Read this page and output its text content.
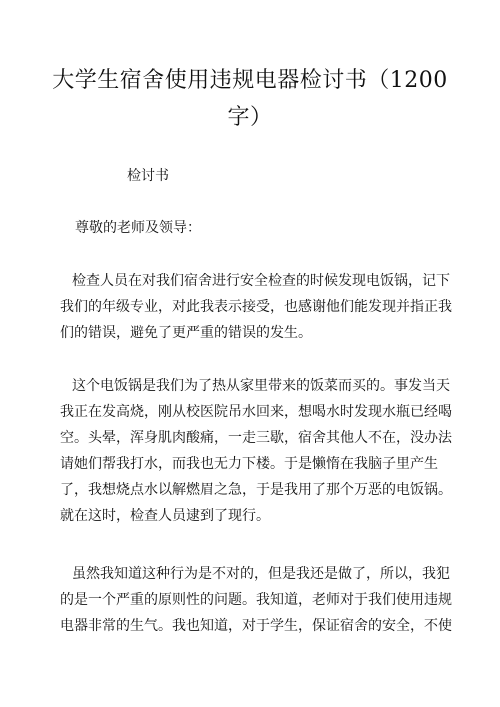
大学生宿舍使用违规电器检讨书（1200
字）
检讨书
尊敬的老师及领导：
检查人员在对我们宿舍进行安全检查的时候发现电饭锅，记下
我们的年级专业，对此我表示接受，也感谢他们能发现并指正我
们的错误，避免了更严重的错误的发生。
这个电饭锅是我们为了热从家里带来的饭菜而买的。事发当天
我正在发高烧，刚从校医院吊水回来，想喝水时发现水瓶已经喝
空。头晕，浑身肌肉酸痛，一走三歇，宿舍其他人不在，没办法
请她们帮我打水，而我也无力下楼。于是懒惰在我脑子里产生
了，我想烧点水以解燃眉之急，于是我用了那个万恶的电饭锅。
就在这时，检查人员逮到了现行。
虽然我知道这种行为是不对的，但是我还是做了，所以，我犯
的是一个严重的原则性的问题。我知道，老师对于我们使用违规
电器非常的生气。我也知道，对于学生，保证宿舍的安全，不使
